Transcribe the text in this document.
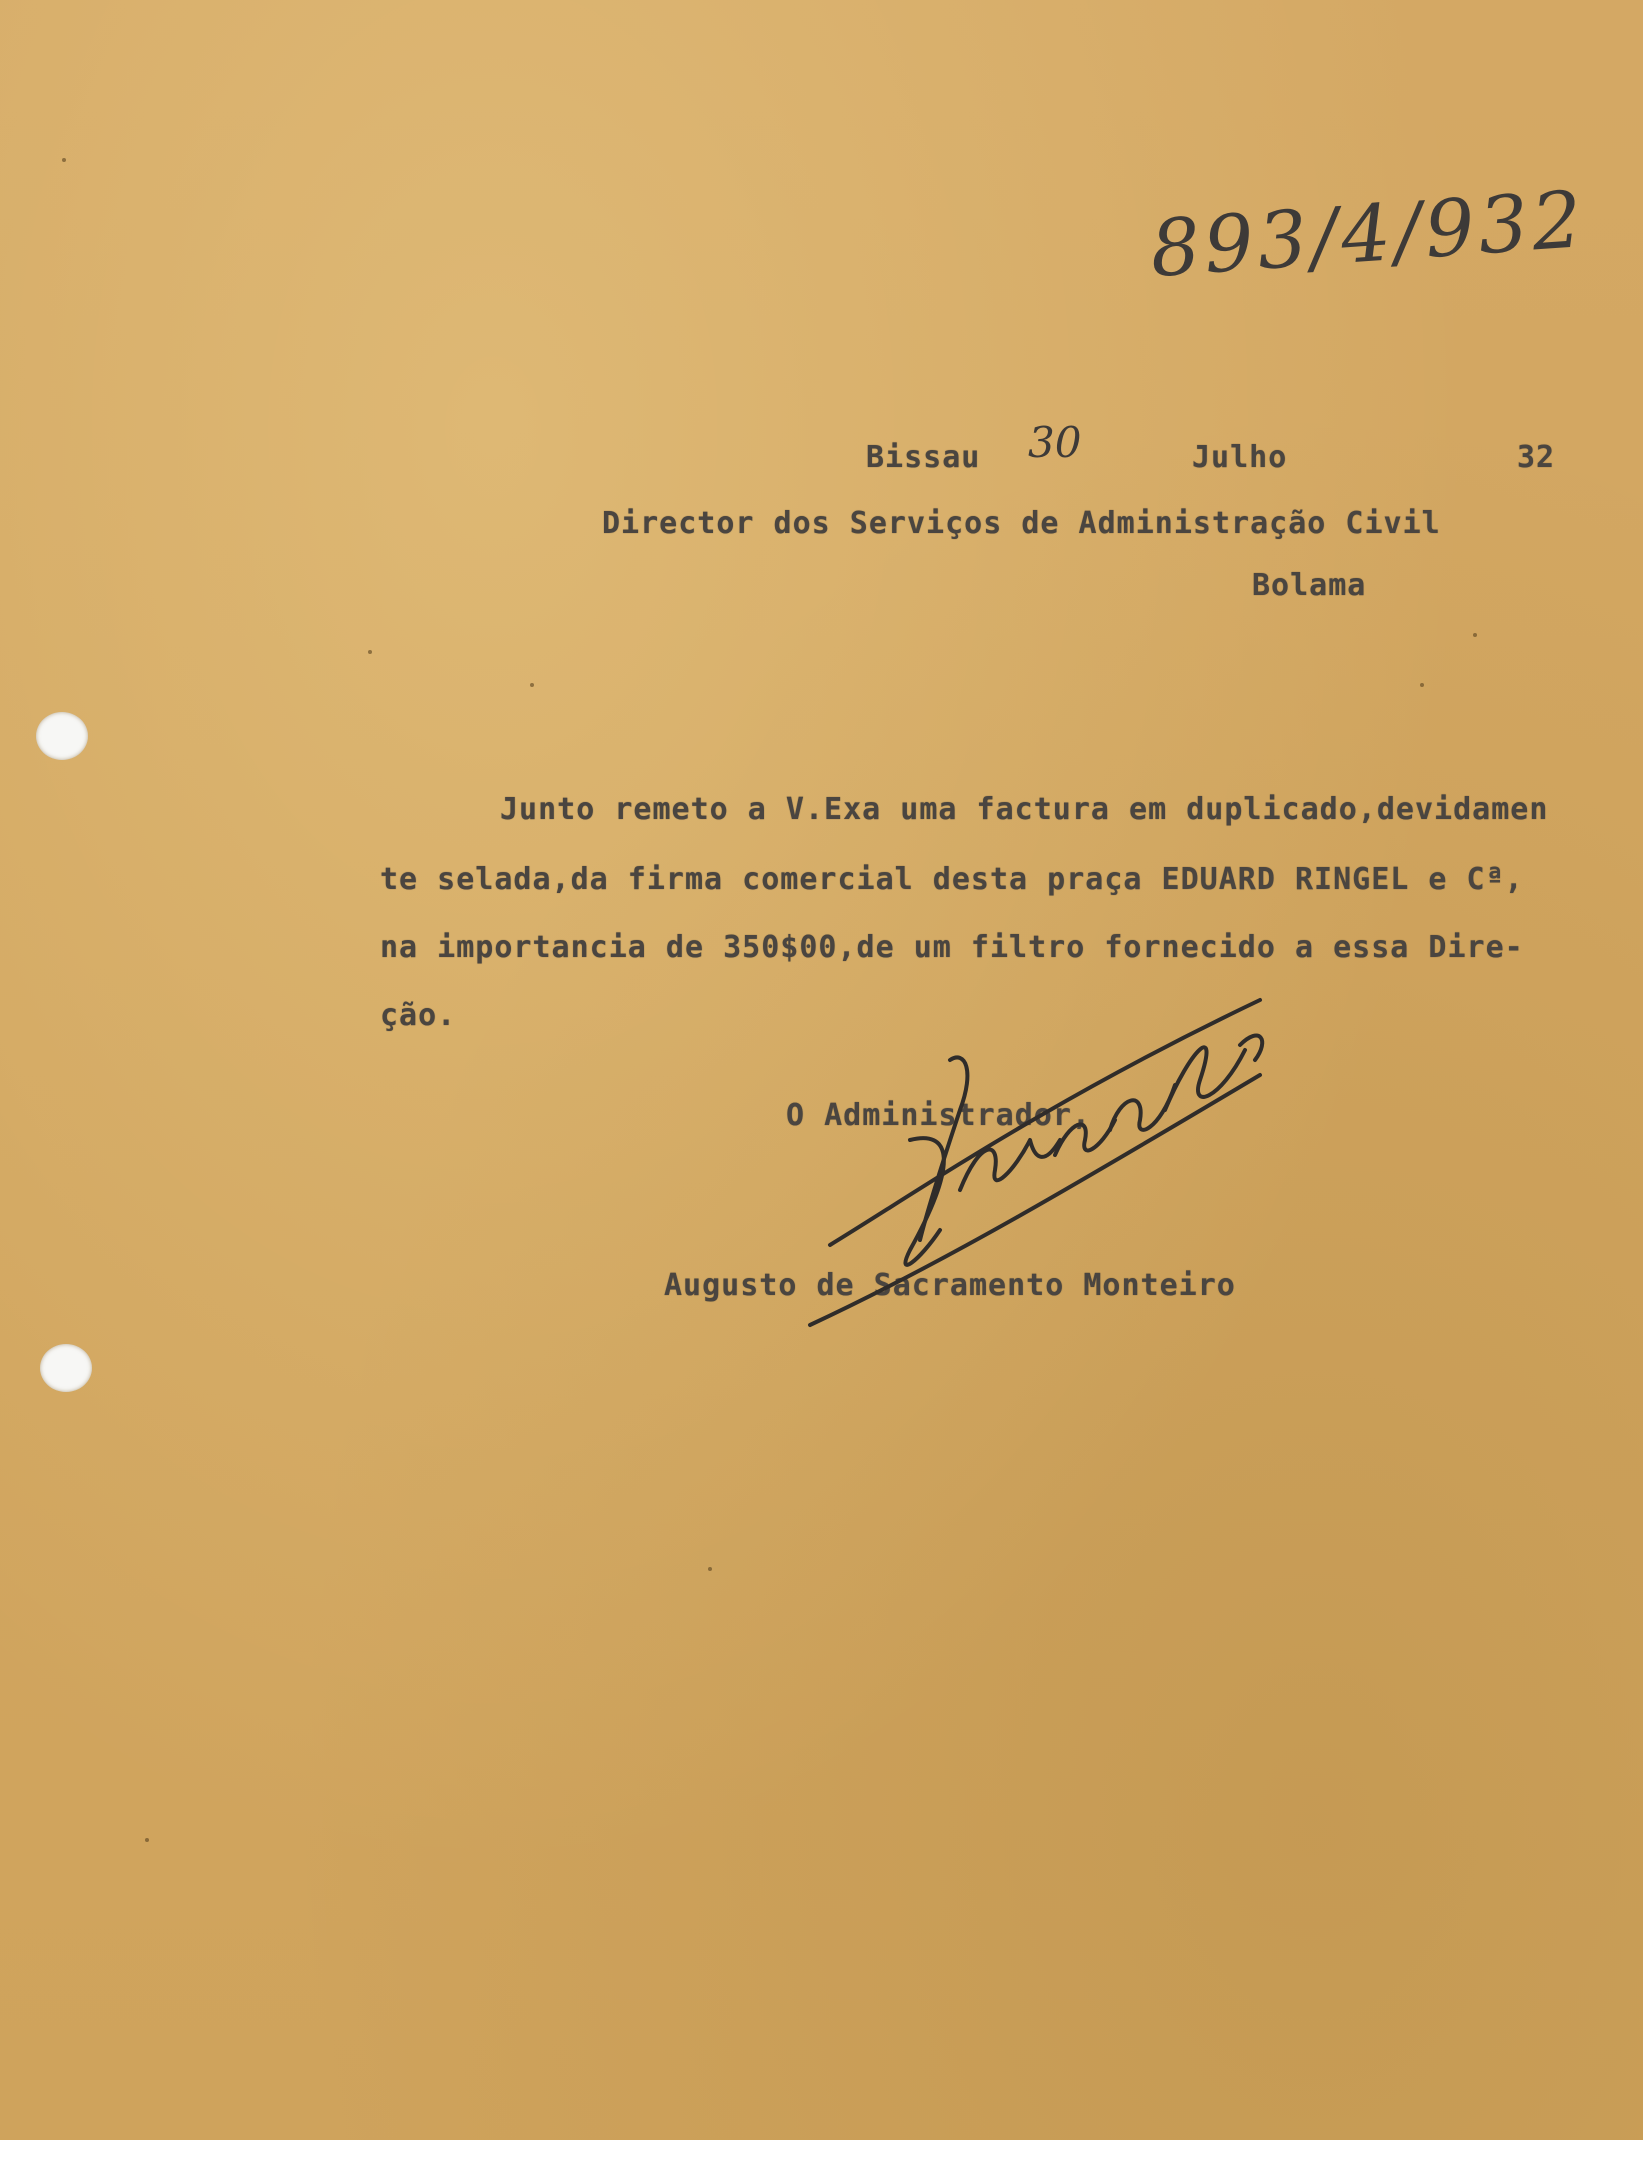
893/4/932
Bissau 30	Julho	32
Director dos Serviços de Administração Civil
Bolama
Junto remeto a V.Exa uma factura em duplicado,devidamen
te selada,da firma comercial desta praça EDUARD RINGEL e Cª,
na importancia de 350$00,de um filtro fornecido a essa Dire-
ção.
O Administrador,
Augusto de Sacramento Monteiro
